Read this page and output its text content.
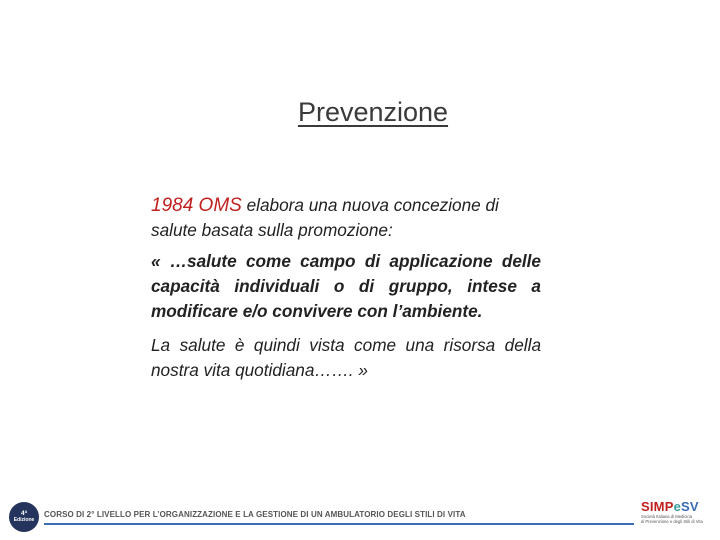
Prevenzione

1984 OMS elabora una nuova concezione di salute basata sulla promozione:

« …salute come campo di applicazione delle capacità individuali o di gruppo, intese a modificare e/o convivere con l’ambiente.

La salute è quindi vista come una risorsa della nostra vita quotidiana……. »

4ª
Edizione
CORSO DI 2° LIVELLO PER L’ORGANIZZAZIONE E LA GESTIONE DI UN AMBULATORIO DEGLI STILI DI VITA
SIMPeSV
Società Italiana di Medicina
di Prevenzione e degli Stili di Vita
